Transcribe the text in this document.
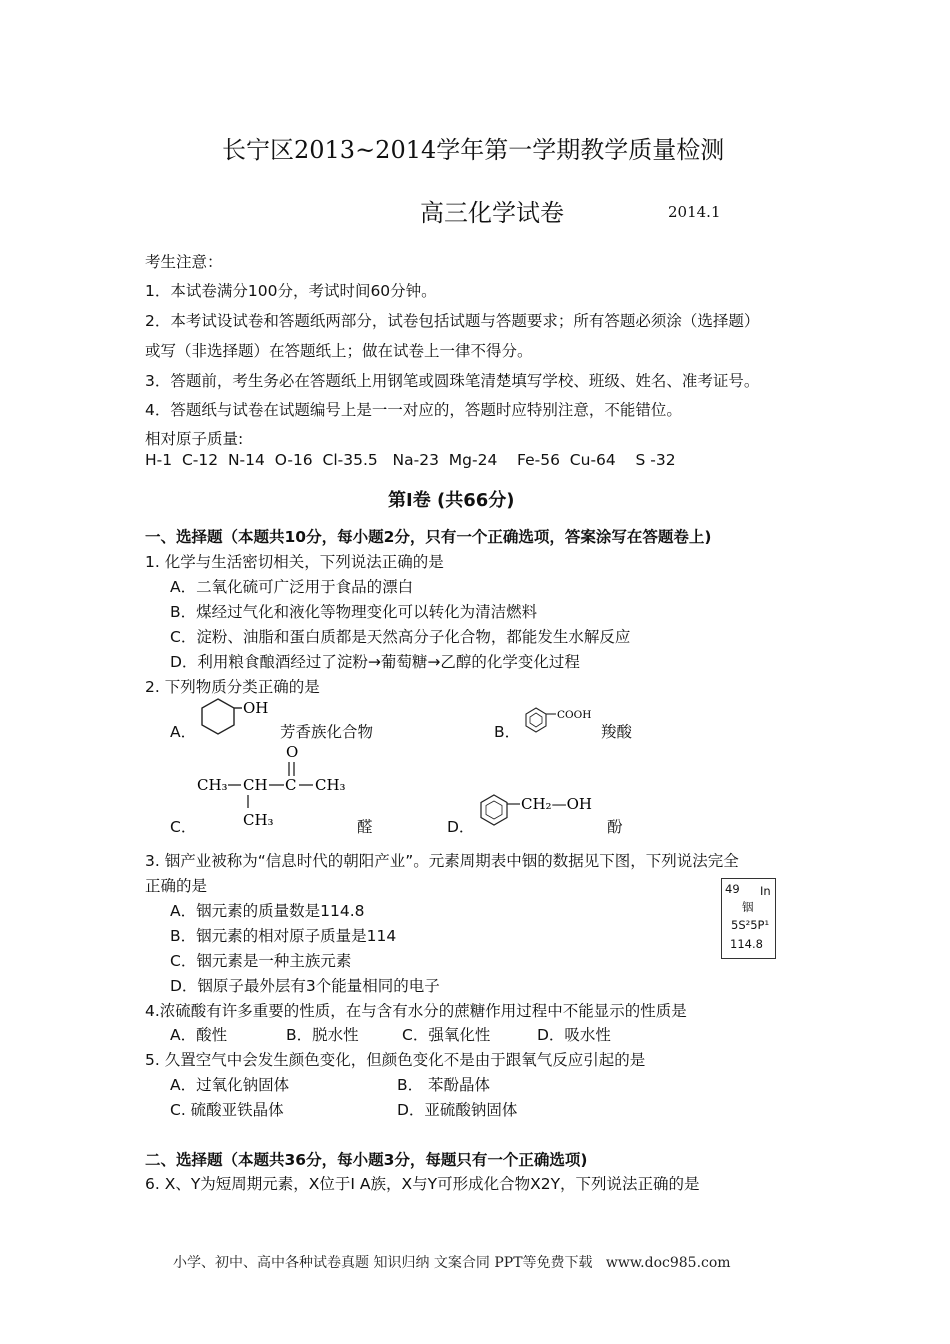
长宁区2013~2014学年第一学期教学质量检测
高三化学试卷	2014.1
考生注意：
1．本试卷满分100分，考试时间60分钟。
2．本考试设试卷和答题纸两部分，试卷包括试题与答题要求；所有答题必须涂（选择题）
或写（非选择题）在答题纸上；做在试卷上一律不得分。
3．答题前，考生务必在答题纸上用钢笔或圆珠笔清楚填写学校、班级、姓名、准考证号。
4．答题纸与试卷在试题编号上是一一对应的，答题时应特别注意，不能错位。
相对原子质量:
H-1  C-12  N-14  O-16  Cl-35.5   Na-23  Mg-24    Fe-56  Cu-64    S -32
第Ⅰ卷 (共66分)
一、选择题（本题共10分，每小题2分，只有一个正确选项，答案涂写在答题卷上)
1. 化学与生活密切相关，下列说法正确的是
A．二氧化硫可广泛用于食品的漂白
B．煤经过气化和液化等物理变化可以转化为清洁燃料
C．淀粉、油脂和蛋白质都是天然高分子化合物，都能发生水解反应
D．利用粮食酿酒经过了淀粉→葡萄糖→乙醇的化学变化过程
2. 下列物质分类正确的是
A．
OH
芳香族化合物	B．
COOH
羧酸
C．
O
CH₃ CH C CH₃
CH₃	醛	D．
CH₂—OH
酚
3. 铟产业被称为“信息时代的朝阳产业”。元素周期表中铟的数据见下图，下列说法完全
正确的是
A．铟元素的质量数是114.8
B．铟元素的相对原子质量是114
C．铟元素是一种主族元素
D．铟原子最外层有3个能量相同的电子
49 In
铟
5S²5P¹
114.8
4.浓硫酸有许多重要的性质，在与含有水分的蔗糖作用过程中不能显示的性质是
A．酸性	B．脱水性	C．强氧化性	D．吸水性
5. 久置空气中会发生颜色变化，但颜色变化不是由于跟氧气反应引起的是
A．过氧化钠固体	B． 苯酚晶体
C. 硫酸亚铁晶体	D．亚硫酸钠固体
二、选择题（本题共36分，每小题3分，每题只有一个正确选项)
6. X、Y为短周期元素，X位于Ⅰ A族，X与Y可形成化合物X2Y，下列说法正确的是
小学、初中、高中各种试卷真题 知识归纳 文案合同 PPT等免费下载   www.doc985.com
